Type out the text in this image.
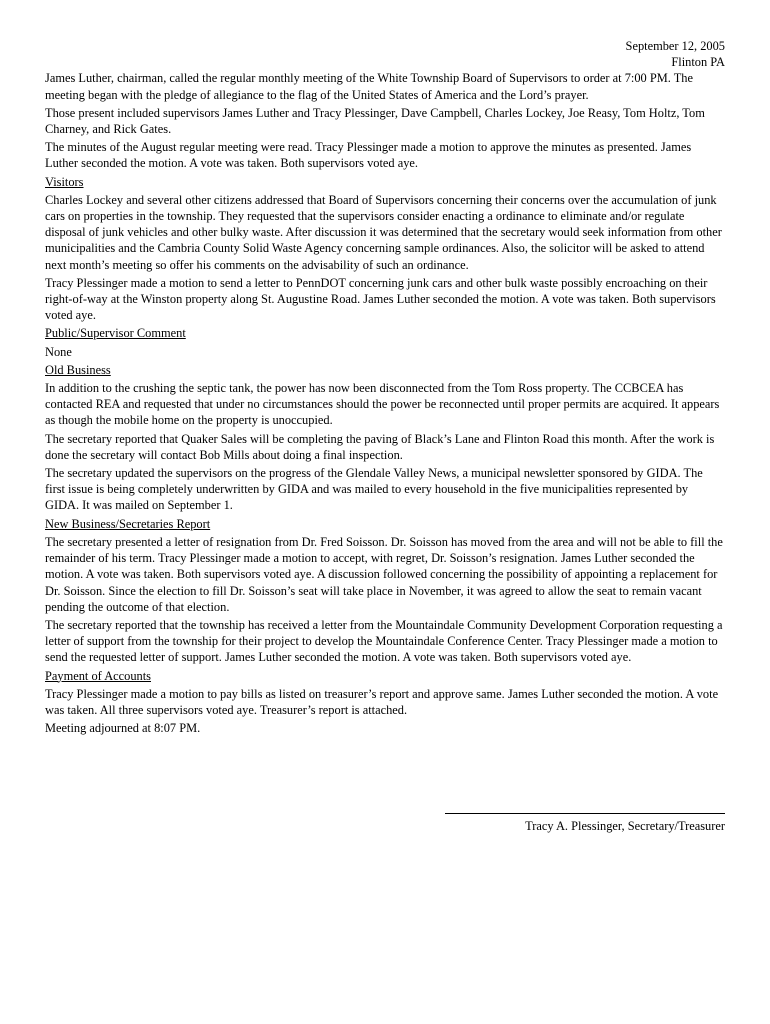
September 12, 2005
Flinton PA

James Luther, chairman, called the regular monthly meeting of the White Township Board of Supervisors to order at 7:00 PM. The meeting began with the pledge of allegiance to the flag of the United States of America and the Lord’s prayer.

Those present included supervisors James Luther and Tracy Plessinger, Dave Campbell, Charles Lockey, Joe Reasy, Tom Holtz, Tom Charney, and Rick Gates.

The minutes of the August regular meeting were read. Tracy Plessinger made a motion to approve the minutes as presented. James Luther seconded the motion. A vote was taken. Both supervisors voted aye.

Visitors

Charles Lockey and several other citizens addressed that Board of Supervisors concerning their concerns over the accumulation of junk cars on properties in the township. They requested that the supervisors consider enacting a ordinance to eliminate and/or regulate disposal of junk vehicles and other bulky waste. After discussion it was determined that the secretary would seek information from other municipalities and the Cambria County Solid Waste Agency concerning sample ordinances. Also, the solicitor will be asked to attend next month’s meeting so offer his comments on the advisability of such an ordinance.

Tracy Plessinger made a motion to send a letter to PennDOT concerning junk cars and other bulk waste possibly encroaching on their right-of-way at the Winston property along St. Augustine Road. James Luther seconded the motion. A vote was taken. Both supervisors voted aye.

Public/Supervisor Comment

None

Old Business

In addition to the crushing the septic tank, the power has now been disconnected from the Tom Ross property. The CCBCEA has contacted REA and requested that under no circumstances should the power be reconnected until proper permits are acquired. It appears as though the mobile home on the property is unoccupied.

The secretary reported that Quaker Sales will be completing the paving of Black’s Lane and Flinton Road this month. After the work is done the secretary will contact Bob Mills about doing a final inspection.

The secretary updated the supervisors on the progress of the Glendale Valley News, a municipal newsletter sponsored by GIDA. The first issue is being completely underwritten by GIDA and was mailed to every household in the five municipalities represented by GIDA. It was mailed on September 1.

New Business/Secretaries Report

The secretary presented a letter of resignation from Dr. Fred Soisson. Dr. Soisson has moved from the area and will not be able to fill the remainder of his term. Tracy Plessinger made a motion to accept, with regret, Dr. Soisson’s resignation. James Luther seconded the motion. A vote was taken. Both supervisors voted aye. A discussion followed concerning the possibility of appointing a replacement for Dr. Soisson. Since the election to fill Dr. Soisson’s seat will take place in November, it was agreed to allow the seat to remain vacant pending the outcome of that election.

The secretary reported that the township has received a letter from the Mountaindale Community Development Corporation requesting a letter of support from the township for their project to develop the Mountaindale Conference Center. Tracy Plessinger made a motion to send the requested letter of support. James Luther seconded the motion. A vote was taken. Both supervisors voted aye.

Payment of Accounts

Tracy Plessinger made a motion to pay bills as listed on treasurer’s report and approve same. James Luther seconded the motion. A vote was taken. All three supervisors voted aye. Treasurer’s report is attached.

Meeting adjourned at 8:07 PM.

Tracy A. Plessinger, Secretary/Treasurer
